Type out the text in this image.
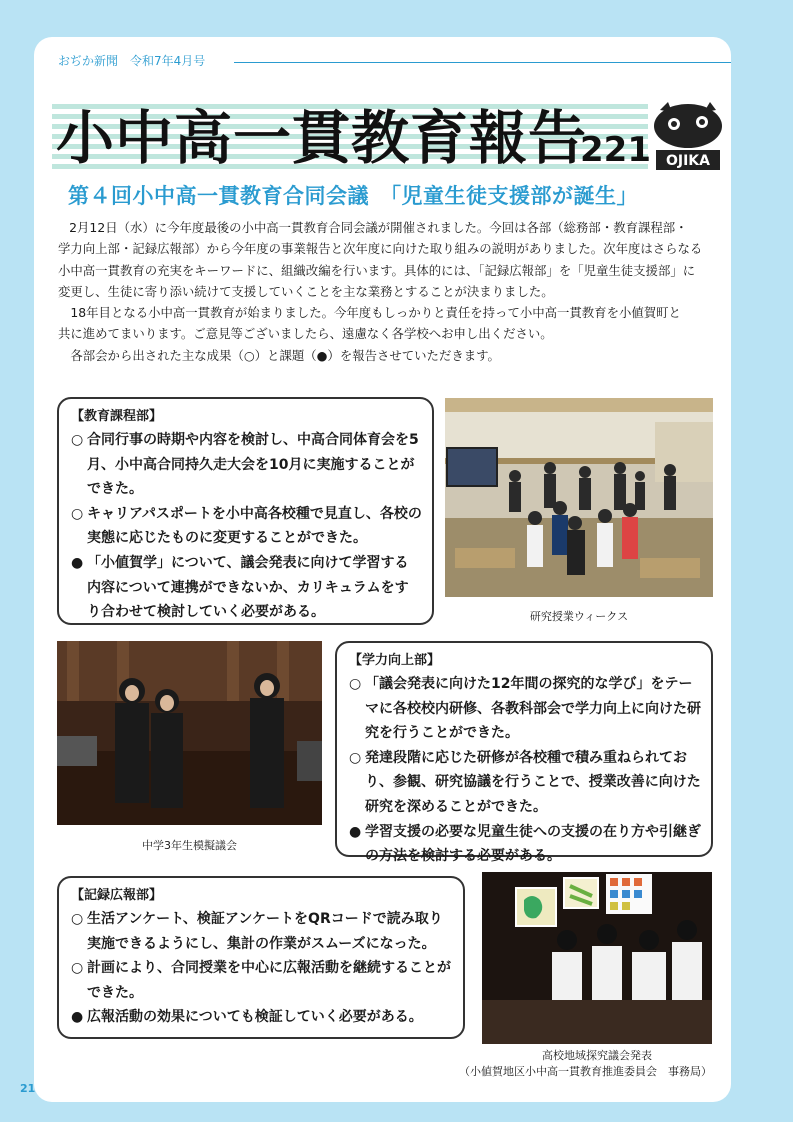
おぢか新聞　令和7年4月号
小中高一貫教育報告
221 OJIKA
第４回小中高一貫教育合同会議　「児童生徒支援部が誕生」

2月12日（水）に今年度最後の小中高一貫教育合同会議が開催されました。今回は各部（総務部・教育課程部・

学力向上部・記録広報部）から今年度の事業報告と次年度に向けた取り組みの説明がありました。次年度はさらなる

小中高一貫教育の充実をキーワードに、組織改編を行います。具体的には、「記録広報部」を「児童生徒支援部」に

変更し、生徒に寄り添い続けて支援していくことを主な業務とすることが決まりました。

18年目となる小中高一貫教育が始まりました。今年度もしっかりと責任を持って小中高一貫教育を小値賀町と

共に進めてまいります。ご意見等ございましたら、遠慮なく各学校へお申し出ください。

各部会から出された主な成果（○）と課題（●）を報告させていただきます。

【教育課程部】
○ 合同行事の時期や内容を検討し、中高合同体育会を5月、小中高合同持久走大会を10月に実施することができた。
○ キャリアパスポートを小中高各校種で見直し、各校の実態に応じたものに変更することができた。
● 「小値賀学」について、議会発表に向けて学習する内容について連携ができないか、カリキュラムをすり合わせて検討していく必要がある。	研究授業ウィークス
中学3年生模擬議会
【学力向上部】
○ 「議会発表に向けた12年間の探究的な学び」をテーマに各校校内研修、各教科部会で学力向上に向けた研究を行うことができた。
○ 発達段階に応じた研修が各校種で積み重ねられており、参観、研究協議を行うことで、授業改善に向けた研究を深めることができた。
● 学習支援の必要な児童生徒への支援の在り方や引継ぎの方法を検討する必要がある。
【記録広報部】
○ 生活アンケート、検証アンケートをQRコードで読み取り実施できるようにし、集計の作業がスムーズになった。
○ 計画により、合同授業を中心に広報活動を継続することができた。
● 広報活動の効果についても検証していく必要がある。
高校地域探究議会発表
（小値賀地区小中高一貫教育推進委員会　事務局）
21
